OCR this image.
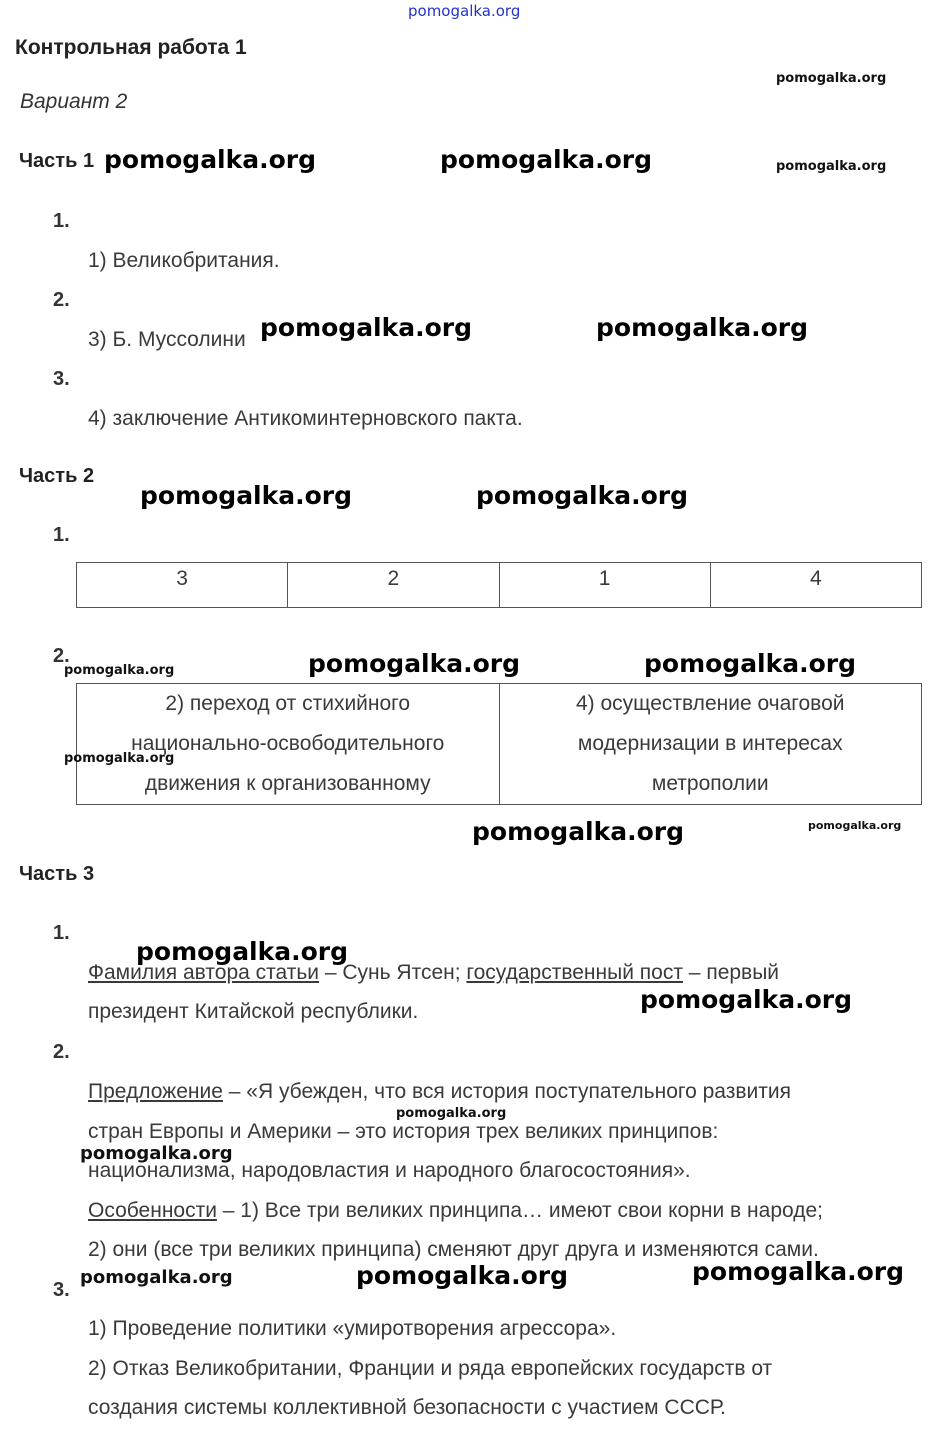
pomogalka.org
Контрольная работа 1
Вариант 2
Часть 1
1.
1) Великобритания.
2.
3) Б. Муссолини
3.
4) заключение Антикоминтерновского пакта.
Часть 2
1.
3	2	1	4
2.
2) переход от стихийного национально-освободительного движения к организованному	4) осуществление очаговой модернизации в интересах метрополии
Часть 3
1.
Фамилия автора статьи – Сунь Ятсен; государственный пост – первый
президент Китайской республики.
2.
Предложение – «Я убежден, что вся история поступательного развития
стран Европы и Америки – это история трех великих принципов:
национализма, народовластия и народного благосостояния».
Особенности – 1) Все три великих принципа… имеют свои корни в народе;
2) они (все три великих принципа) сменяют друг друга и изменяются сами.
3.
1) Проведение политики «умиротворения агрессора».
2) Отказ Великобритании, Франции и ряда европейских государств от
создания системы коллективной безопасности с участием СССР.
pomogalka.org
pomogalka.org	pomogalka.org	pomogalka.org
pomogalka.org	pomogalka.org
pomogalka.org	pomogalka.org
pomogalka.org	pomogalka.org	pomogalka.org
pomogalka.org
pomogalka.org	pomogalka.org
pomogalka.org
pomogalka.org
pomogalka.org
pomogalka.org
pomogalka.org	pomogalka.org	pomogalka.org
